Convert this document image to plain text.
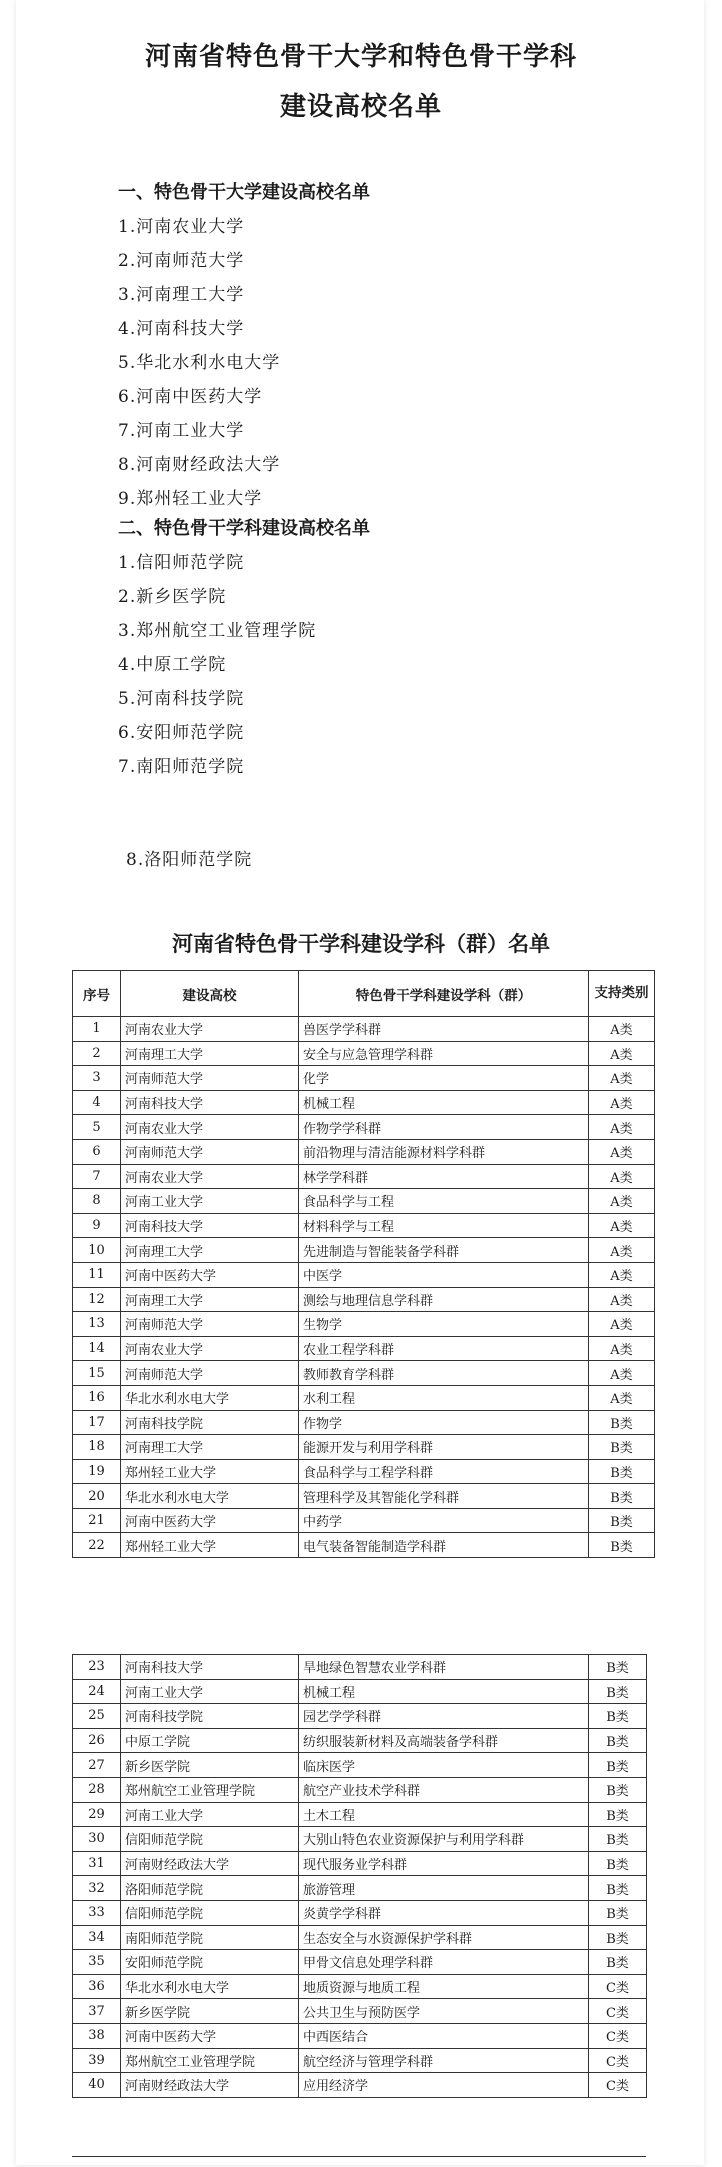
河南省特色骨干大学和特色骨干学科
建设高校名单
一、特色骨干大学建设高校名单
1.河南农业大学
2.河南师范大学
3.河南理工大学
4.河南科技大学
5.华北水利水电大学
6.河南中医药大学
7.河南工业大学
8.河南财经政法大学
9.郑州轻工业大学
二、特色骨干学科建设高校名单
1.信阳师范学院
2.新乡医学院
3.郑州航空工业管理学院
4.中原工学院
5.河南科技学院
6.安阳师范学院
7.南阳师范学院
8.洛阳师范学院
河南省特色骨干学科建设学科（群）名单
序号	建设高校	特色骨干学科建设学科（群）	支持类别
1	河南农业大学	兽医学学科群	A类
2	河南理工大学	安全与应急管理学科群	A类
3	河南师范大学	化学	A类
4	河南科技大学	机械工程	A类
5	河南农业大学	作物学学科群	A类
6	河南师范大学	前沿物理与清洁能源材料学科群	A类
7	河南农业大学	林学学科群	A类
8	河南工业大学	食品科学与工程	A类
9	河南科技大学	材料科学与工程	A类
10	河南理工大学	先进制造与智能装备学科群	A类
11	河南中医药大学	中医学	A类
12	河南理工大学	测绘与地理信息学科群	A类
13	河南师范大学	生物学	A类
14	河南农业大学	农业工程学科群	A类
15	河南师范大学	教师教育学科群	A类
16	华北水利水电大学	水利工程	A类
17	河南科技学院	作物学	B类
18	河南理工大学	能源开发与利用学科群	B类
19	郑州轻工业大学	食品科学与工程学科群	B类
20	华北水利水电大学	管理科学及其智能化学科群	B类
21	河南中医药大学	中药学	B类
22	郑州轻工业大学	电气装备智能制造学科群	B类
23	河南科技大学	旱地绿色智慧农业学科群	B类
24	河南工业大学	机械工程	B类
25	河南科技学院	园艺学学科群	B类
26	中原工学院	纺织服装新材料及高端装备学科群	B类
27	新乡医学院	临床医学	B类
28	郑州航空工业管理学院	航空产业技术学科群	B类
29	河南工业大学	土木工程	B类
30	信阳师范学院	大别山特色农业资源保护与利用学科群	B类
31	河南财经政法大学	现代服务业学科群	B类
32	洛阳师范学院	旅游管理	B类
33	信阳师范学院	炎黄学学科群	B类
34	南阳师范学院	生态安全与水资源保护学科群	B类
35	安阳师范学院	甲骨文信息处理学科群	B类
36	华北水利水电大学	地质资源与地质工程	C类
37	新乡医学院	公共卫生与预防医学	C类
38	河南中医药大学	中西医结合	C类
39	郑州航空工业管理学院	航空经济与管理学科群	C类
40	河南财经政法大学	应用经济学	C类
